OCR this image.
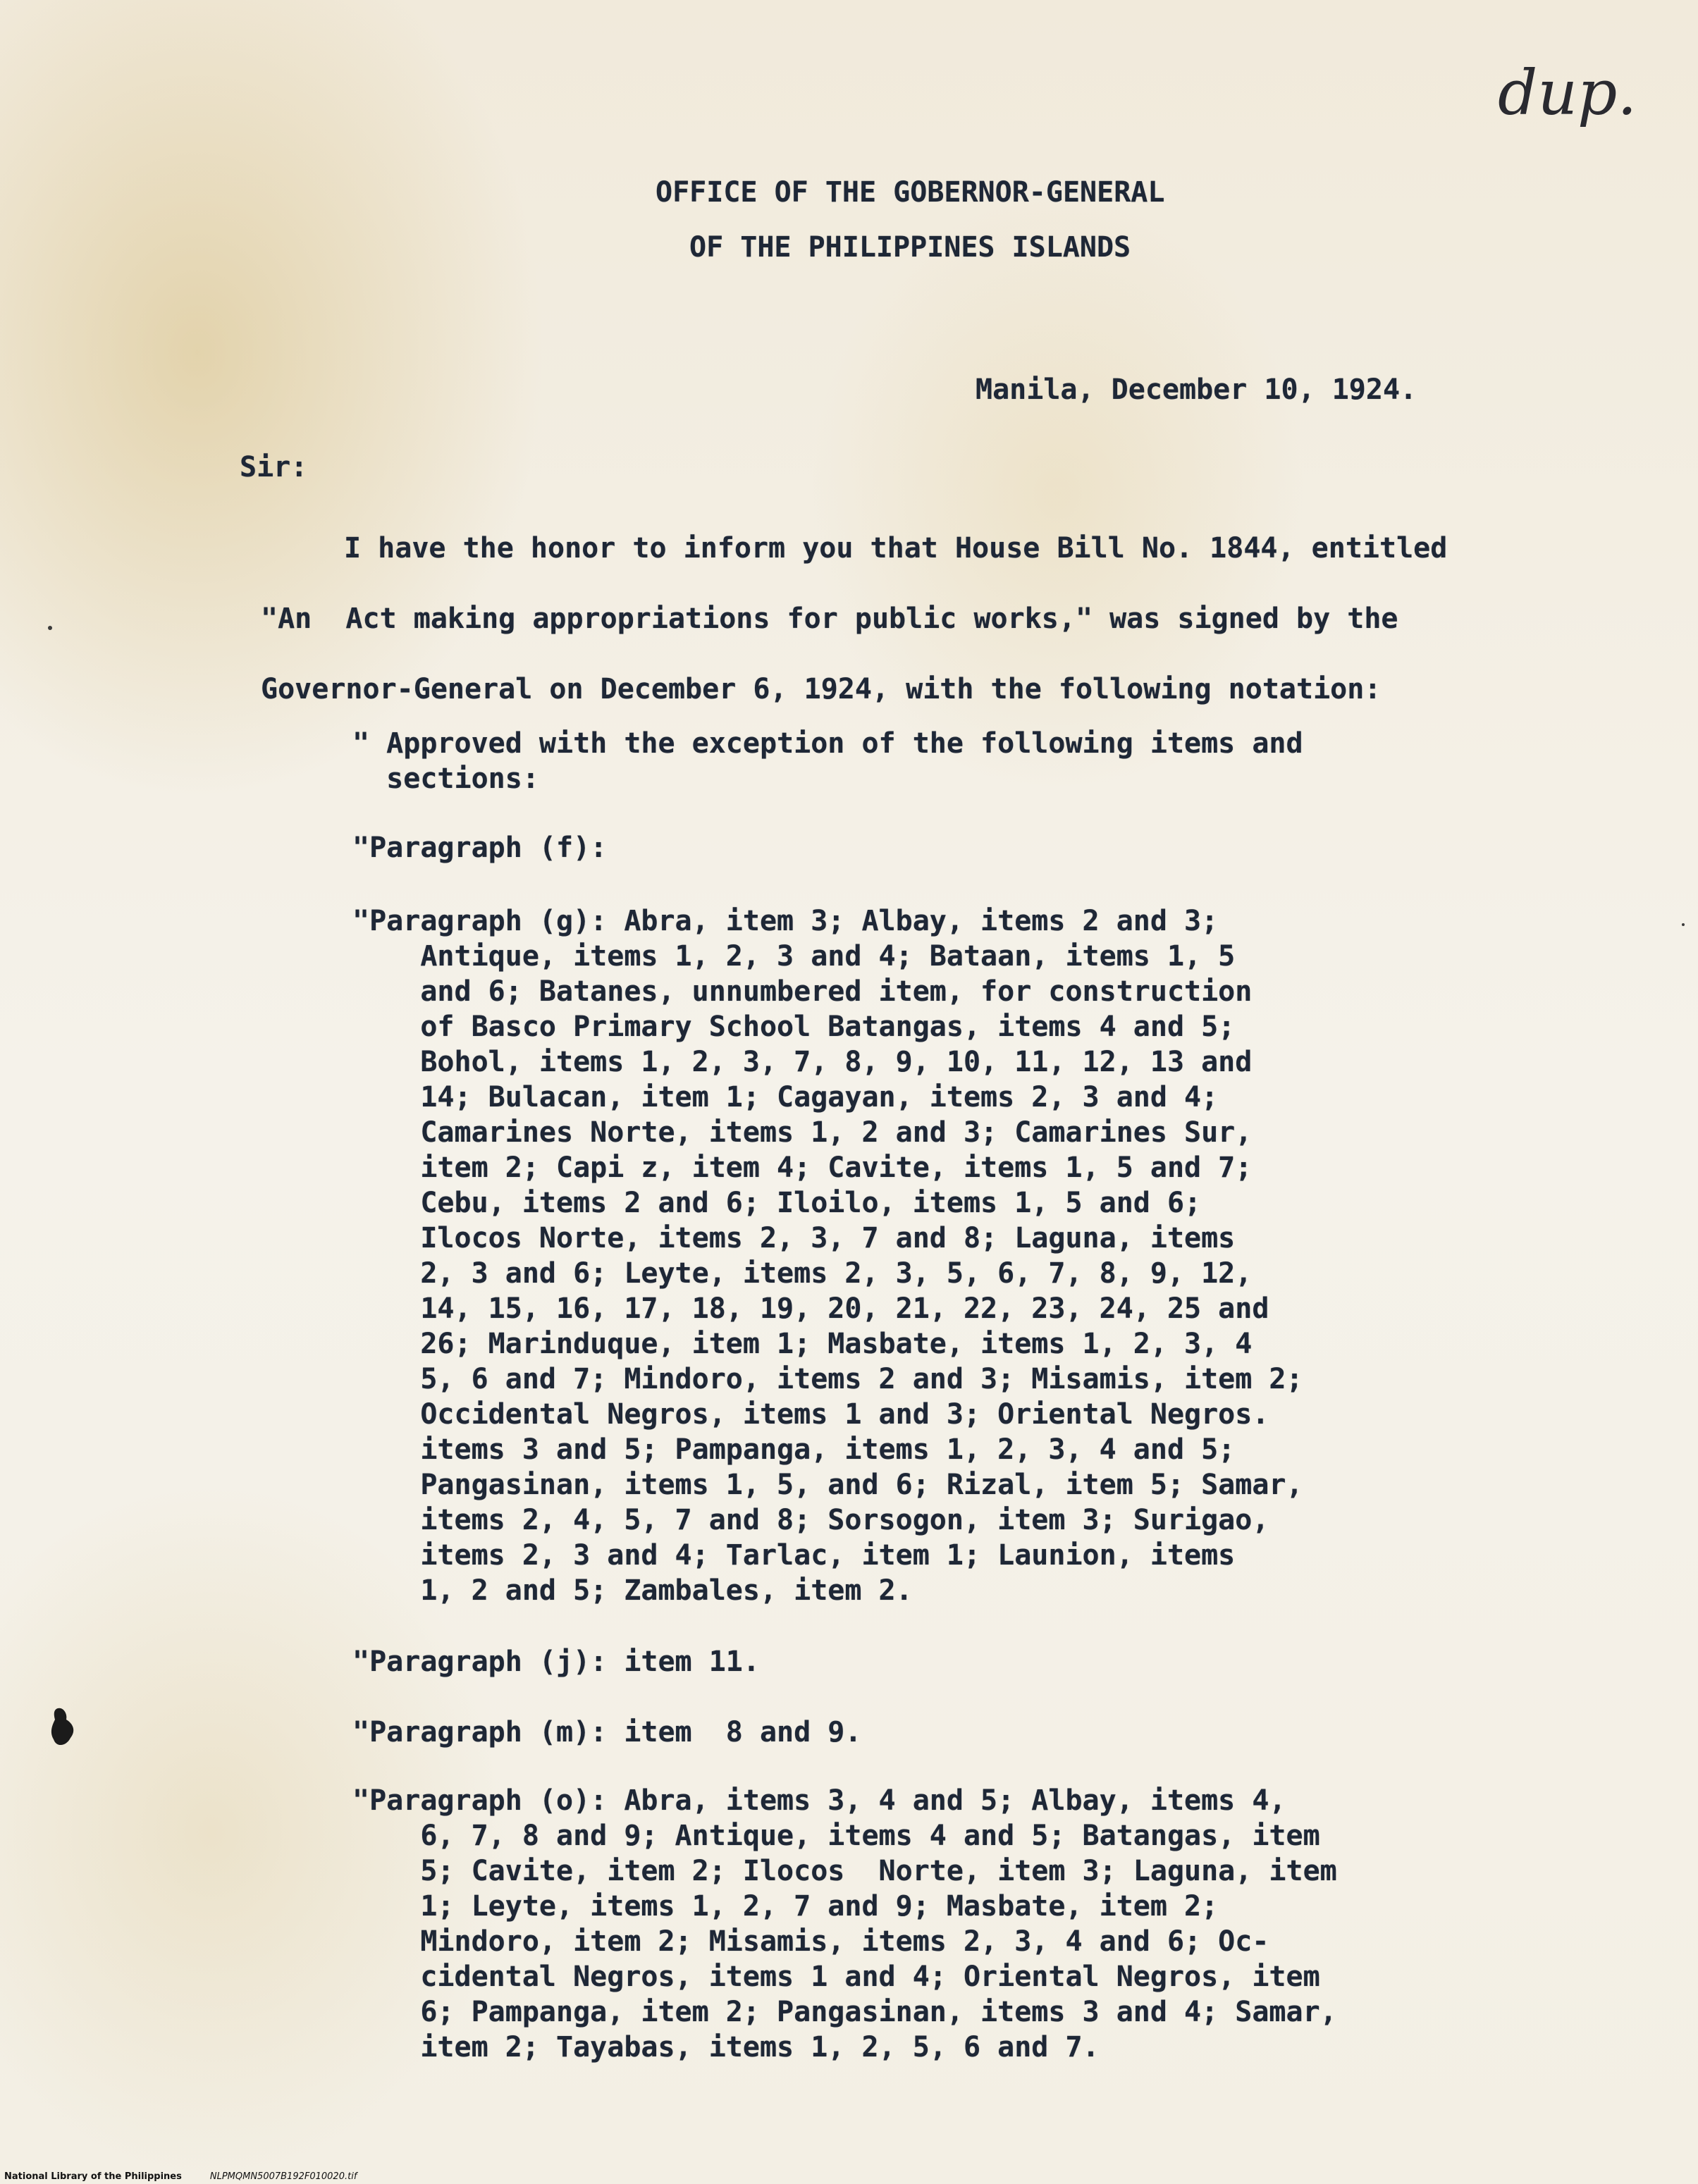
dup.
OFFICE OF THE GOBERNOR-GENERAL
OF THE PHILIPPINES ISLANDS
Manila, December 10, 1924.
Sir:
I have the honor to inform you that House Bill No. 1844, entitled
"An  Act making appropriations for public works," was signed by the
Governor-General on December 6, 1924, with the following notation:
" Approved with the exception of the following items and
sections:
"Paragraph (f):
"Paragraph (g): Abra, item 3; Albay, items 2 and 3;
Antique, items 1, 2, 3 and 4; Bataan, items 1, 5
and 6; Batanes, unnumbered item, for construction
of Basco Primary School Batangas, items 4 and 5;
Bohol, items 1, 2, 3, 7, 8, 9, 10, 11, 12, 13 and
14; Bulacan, item 1; Cagayan, items 2, 3 and 4;
Camarines Norte, items 1, 2 and 3; Camarines Sur,
item 2; Capi z, item 4; Cavite, items 1, 5 and 7;
Cebu, items 2 and 6; Iloilo, items 1, 5 and 6;
Ilocos Norte, items 2, 3, 7 and 8; Laguna, items
2, 3 and 6; Leyte, items 2, 3, 5, 6, 7, 8, 9, 12,
14, 15, 16, 17, 18, 19, 20, 21, 22, 23, 24, 25 and
26; Marinduque, item 1; Masbate, items 1, 2, 3, 4
5, 6 and 7; Mindoro, items 2 and 3; Misamis, item 2;
Occidental Negros, items 1 and 3; Oriental Negros.
items 3 and 5; Pampanga, items 1, 2, 3, 4 and 5;
Pangasinan, items 1, 5, and 6; Rizal, item 5; Samar,
items 2, 4, 5, 7 and 8; Sorsogon, item 3; Surigao,
items 2, 3 and 4; Tarlac, item 1; Launion, items
1, 2 and 5; Zambales, item 2.
"Paragraph (j): item 11.
"Paragraph (m): item  8 and 9.
"Paragraph (o): Abra, items 3, 4 and 5; Albay, items 4,
6, 7, 8 and 9; Antique, items 4 and 5; Batangas, item
5; Cavite, item 2; Ilocos  Norte, item 3; Laguna, item
1; Leyte, items 1, 2, 7 and 9; Masbate, item 2;
Mindoro, item 2; Misamis, items 2, 3, 4 and 6; Oc-
cidental Negros, items 1 and 4; Oriental Negros, item
6; Pampanga, item 2; Pangasinan, items 3 and 4; Samar,
item 2; Tayabas, items 1, 2, 5, 6 and 7.
National Library of the Philippines	NLPMQMN5007B192F010020.tif
